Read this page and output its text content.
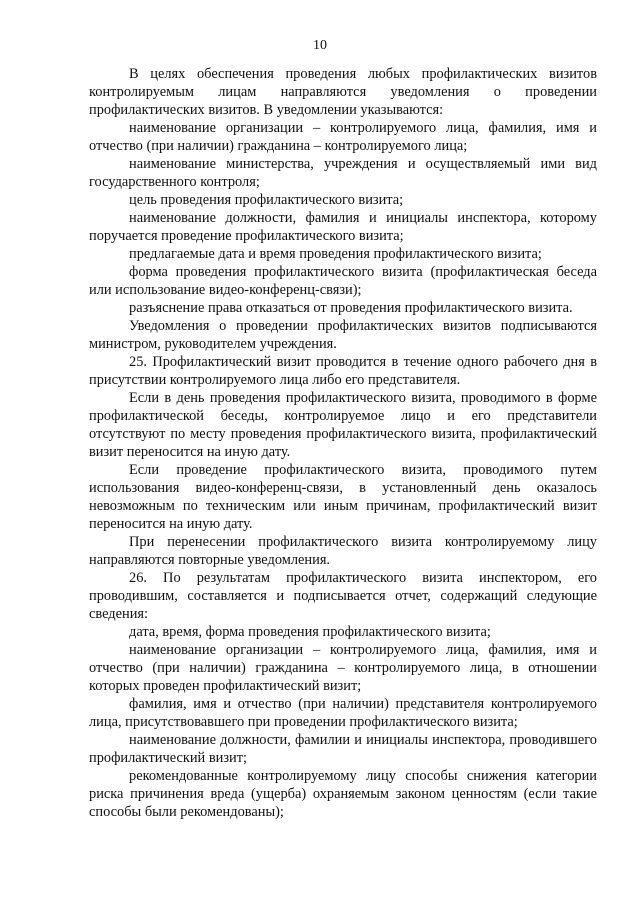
10

В целях обеспечения проведения любых профилактических визитов контролируемым лицам направляются уведомления о проведении профилактических визитов. В уведомлении указываются:

наименование организации – контролируемого лица, фамилия, имя и отчество (при наличии) гражданина – контролируемого лица;

наименование министерства, учреждения и осуществляемый ими вид государственного контроля;

цель проведения профилактического визита;

наименование должности, фамилия и инициалы инспектора, которому поручается проведение профилактического визита;

предлагаемые дата и время проведения профилактического визита;

форма проведения профилактического визита (профилактическая беседа или использование видео-конференц-связи);

разъяснение права отказаться от проведения профилактического визита.

Уведомления о проведении профилактических визитов подписываются министром, руководителем учреждения.

25. Профилактический визит проводится в течение одного рабочего дня в присутствии контролируемого лица либо его представителя.

Если в день проведения профилактического визита, проводимого в форме профилактической беседы, контролируемое лицо и его представители отсутствуют по месту проведения профилактического визита, профилактический визит переносится на иную дату.

Если проведение профилактического визита, проводимого путем использования видео-конференц-связи, в установленный день оказалось невозможным по техническим или иным причинам, профилактический визит переносится на иную дату.

При перенесении профилактического визита контролируемому лицу направляются повторные уведомления.

26. По результатам профилактического визита инспектором, его проводившим, составляется и подписывается отчет, содержащий следующие сведения:

дата, время, форма проведения профилактического визита;

наименование организации – контролируемого лица, фамилия, имя и отчество (при наличии) гражданина – контролируемого лица, в отношении которых проведен профилактический визит;

фамилия, имя и отчество (при наличии) представителя контролируемого лица, присутствовавшего при проведении профилактического визита;

наименование должности, фамилии и инициалы инспектора, проводившего профилактический визит;

рекомендованные контролируемому лицу способы снижения категории риска причинения вреда (ущерба) охраняемым законом ценностям (если такие способы были рекомендованы);
